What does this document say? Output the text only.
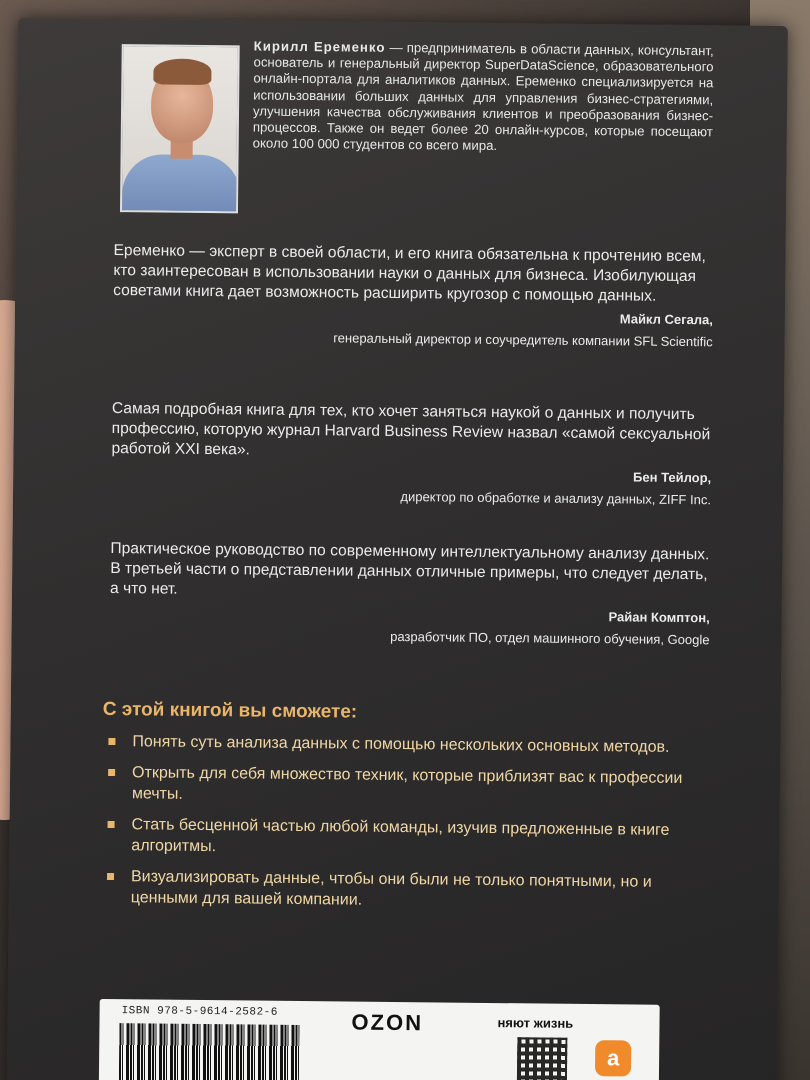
Кирилл Еременко — предприниматель в области данных, консультант, основатель и генеральный директор SuperDataScience, образовательного онлайн-портала для аналитиков данных. Еременко специализируется на использовании больших данных для управления бизнес-стратегиями, улучшения качества обслуживания клиентов и преобразования бизнес-процессов. Также он ведет более 20 онлайн-курсов, которые посещают около 100 000 студентов со всего мира.

Еременко — эксперт в своей области, и его книга обязательна к прочтению всем, кто заинтересован в использовании науки о данных для бизнеса. Изобилующая советами книга дает возможность расширить кругозор с помощью данных.

Майкл Сегала,

генеральный директор и соучредитель компании SFL Scientific

Самая подробная книга для тех, кто хочет заняться наукой о данных и получить профессию, которую журнал Harvard Business Review назвал «самой сексуальной работой XXI века».

Бен Тейлор,

директор по обработке и анализу данных, ZIFF Inc.

Практическое руководство по современному интеллектуальному анализу данных. В третьей части о представлении данных отличные примеры, что следует делать, а что нет.

Райан Комптон,

разработчик ПО, отдел машинного обучения, Google

С этой книгой вы сможете:
Понять суть анализа данных с помощью нескольких основных методов.
Открыть для себя множество техник, которые приблизят вас к профессии мечты.
Стать бесценной частью любой команды, изучив предложенные в книге алгоритмы.
Визуализировать данные, чтобы они были не только понятными, но и ценными для вашей компании.
ISBN 978-5-9614-2582-6	OZON	няют жизнь
a
